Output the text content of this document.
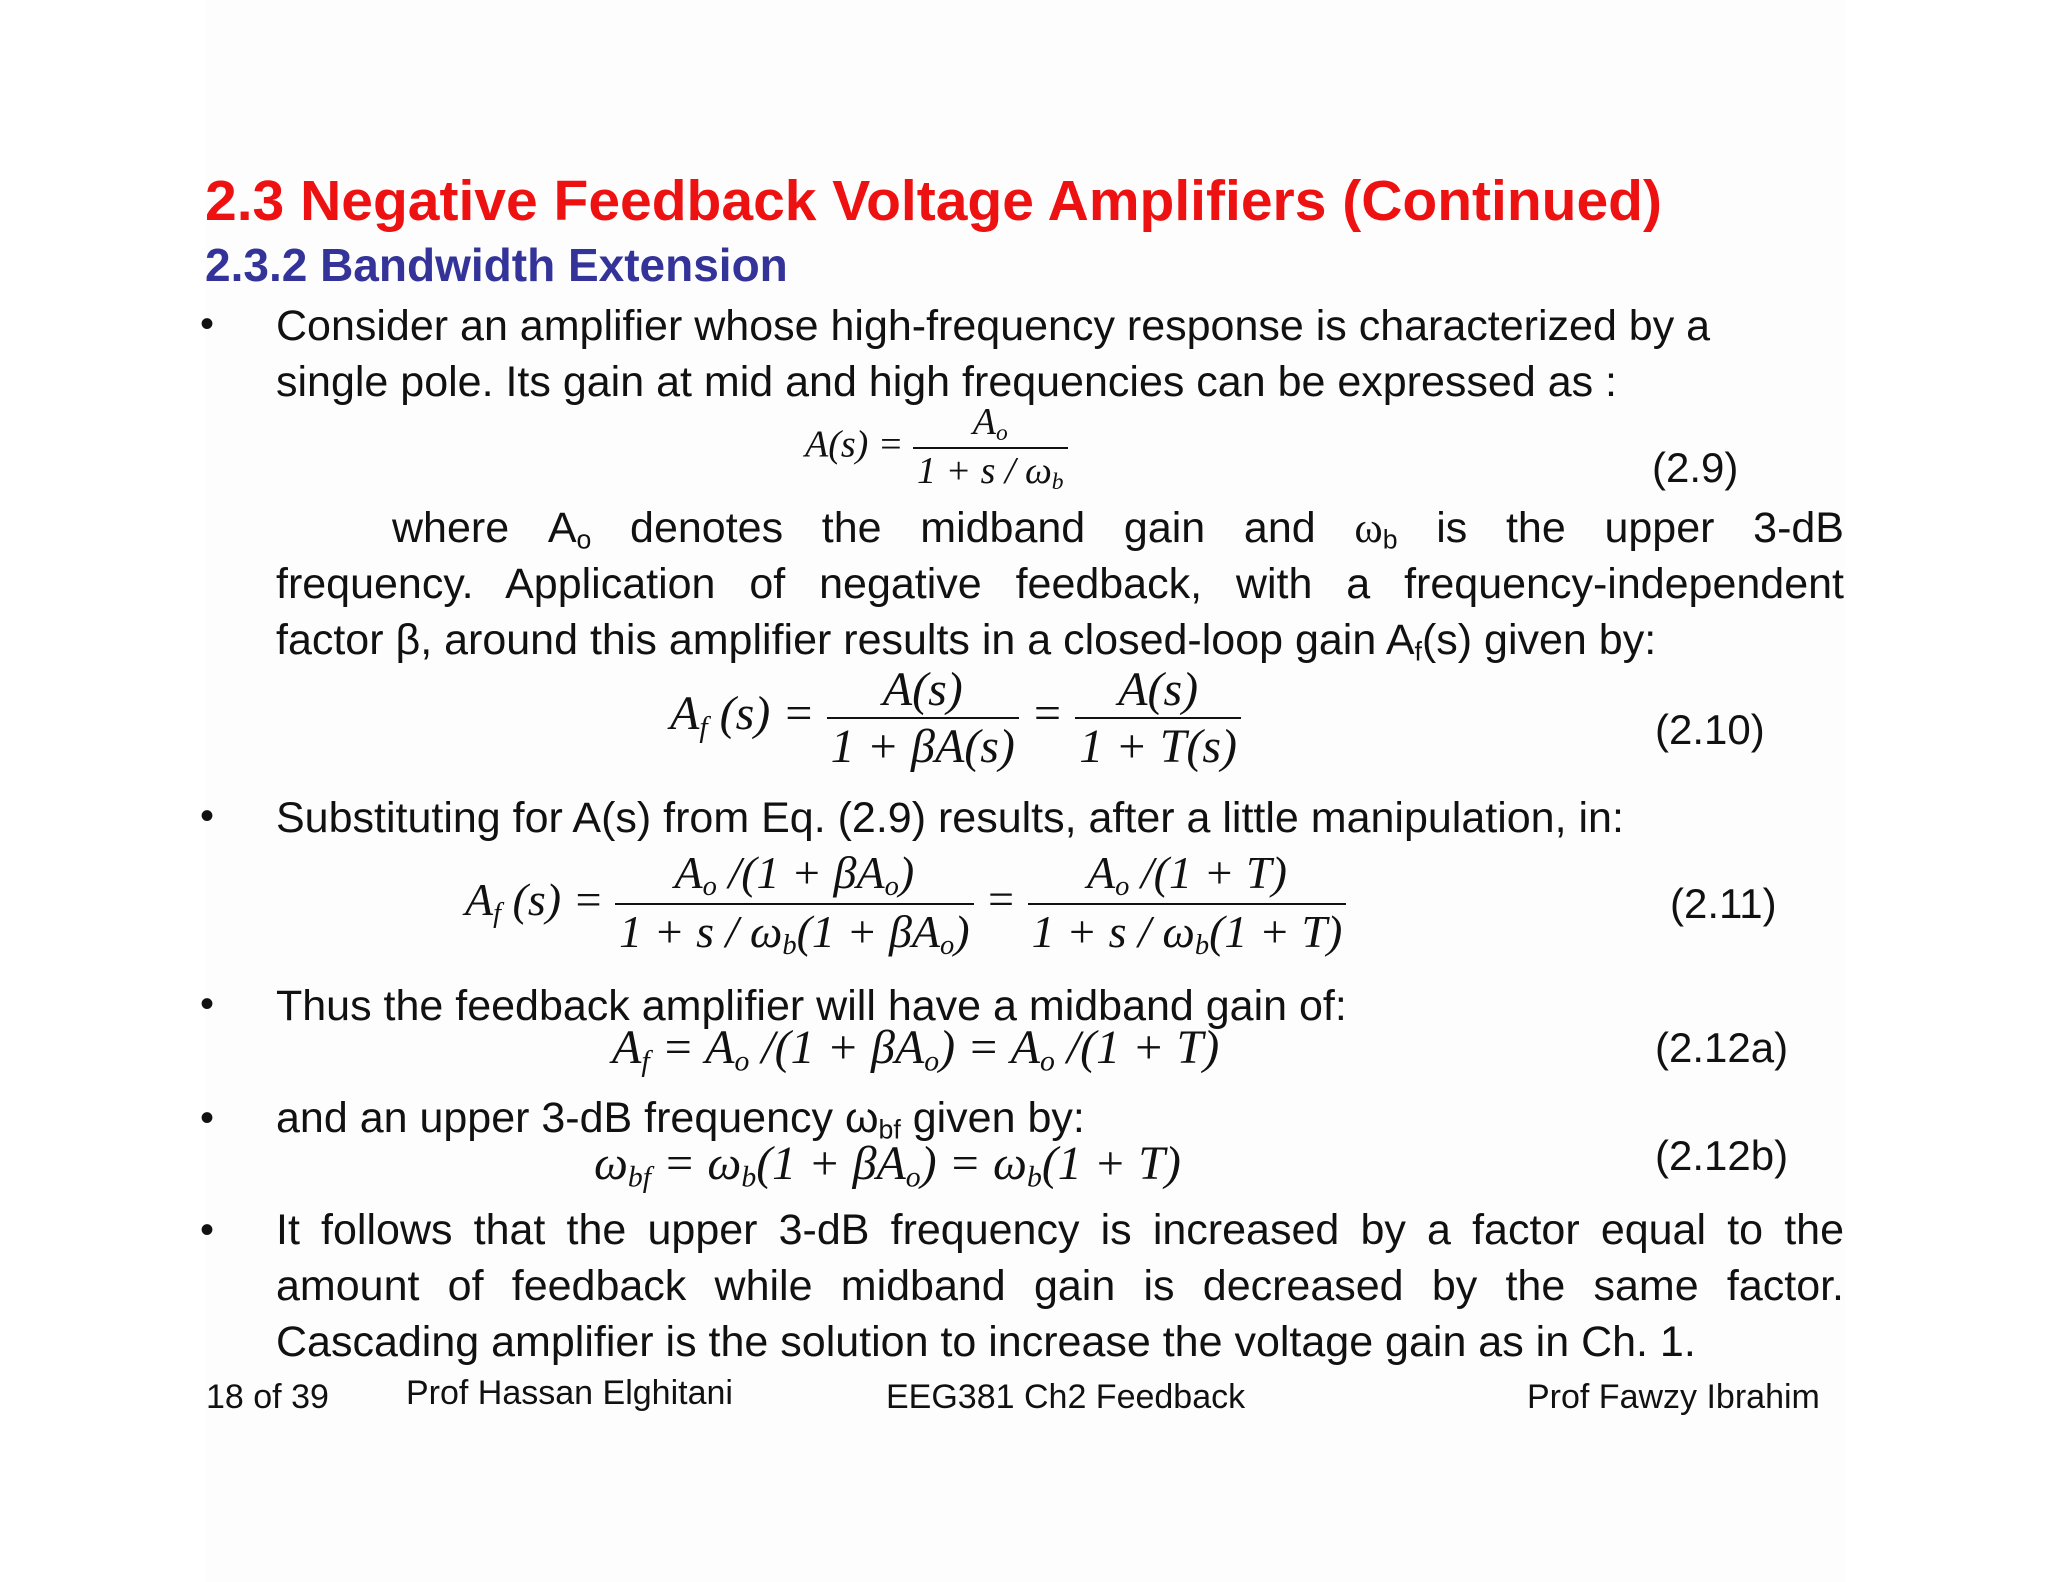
2.3 Negative Feedback Voltage Amplifiers (Continued)
2.3.2 Bandwidth Extension
• Consider an amplifier whose high-frequency response is characterized by a
single pole. Its gain at mid and high frequencies can be expressed as :
$A(s) = \frac{A_o}{1 + s / \omega_b}$	(2.9)
where $A_o$ denotes the midband gain and $\omega_b$ is the upper 3-dB
frequency. Application of negative feedback, with a frequency-independent
factor β, around this amplifier results in a closed-loop gain $A_f(s)$ given by:
$A_f$ $(s) = \frac{A(s)}{1 + \beta A(s)} = \frac{A(s)}{1 + T(s)}$	(2.10)
• Substituting for A(s) from Eq. (2.9) results, after a little manipulation, in:
$A_f$ $(s) = \frac{A_o /(1 + \beta A_o)}{1 + s / \omega_b(1 + \beta A_o)} = \frac{A_o /(1 + T)}{1 + s / \omega_b(1 + T)}$	(2.11)
• Thus the feedback amplifier will have a midband gain of:
$A_f = A_o$ $/(1 + \beta A_o) = A_o$ /(1 + T)	(2.12a)
• and an upper 3-dB frequency $\omega_{bf}$ given by:
$\omega_{bf} = \omega_b(1 + \beta A_o) = \omega_b(1 + T)$	(2.12b)
• It follows that the upper 3-dB frequency is increased by a factor equal to the
amount of feedback while midband gain is decreased by the same factor.
Cascading amplifier is the solution to increase the voltage gain as in Ch. 1.
18 of 39 Prof Hassan Elghitani	EEG381 Ch2 Feedback	Prof Fawzy Ibrahim
